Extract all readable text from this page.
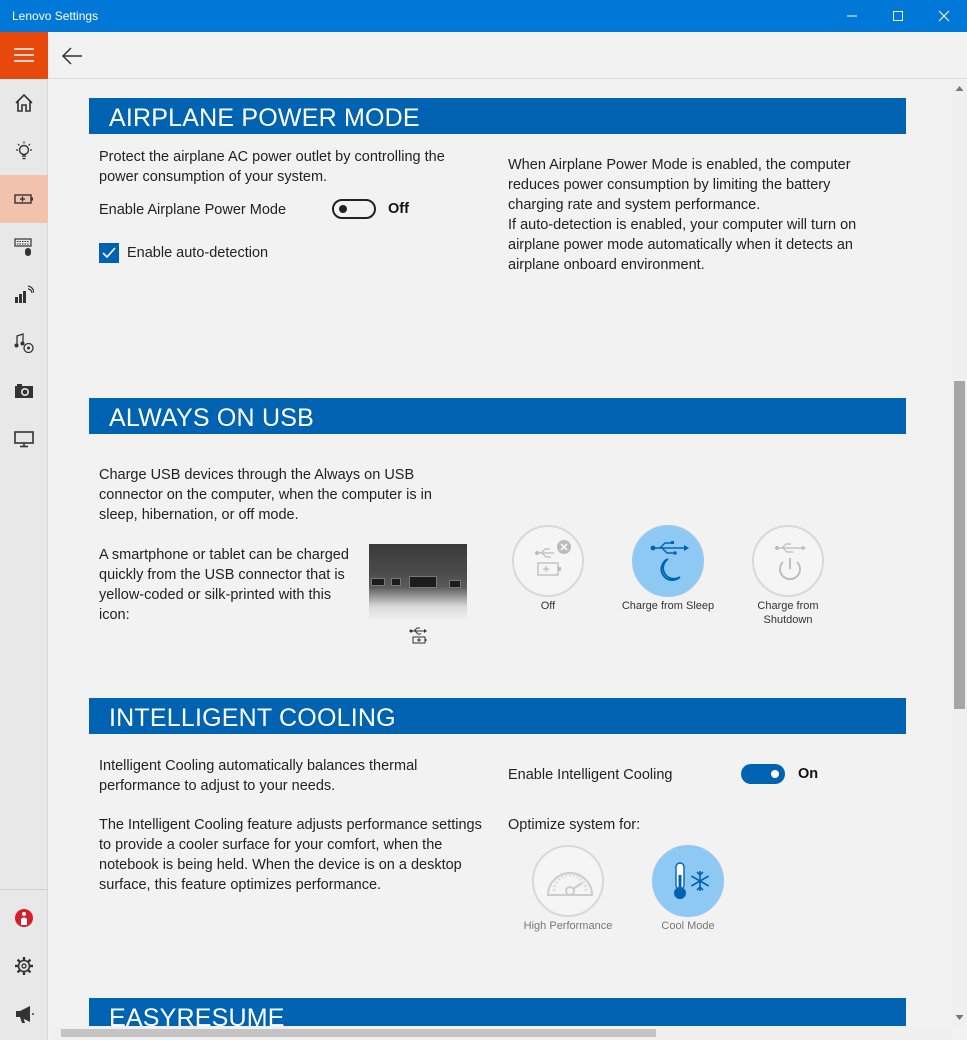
Lenovo Settings
AIRPLANE POWER MODE
Protect the airplane AC power outlet by controlling the
power consumption of your system.
Enable Airplane Power Mode	Off
Enable auto-detection
When Airplane Power Mode is enabled, the computer
reduces power consumption by limiting the battery
charging rate and system performance.
If auto-detection is enabled, your computer will turn on
airplane power mode automatically when it detects an
airplane onboard environment.
ALWAYS ON USB
Charge USB devices through the Always on USB
connector on the computer, when the computer is in
sleep, hibernation, or off mode.
A smartphone or tablet can be charged
quickly from the USB connector that is
yellow-coded or silk-printed with this
icon:
Off	Charge from Sleep	Charge from
Shutdown
INTELLIGENT COOLING
Intelligent Cooling automatically balances thermal
performance to adjust to your needs.
The Intelligent Cooling feature adjusts performance settings
to provide a cooler surface for your comfort, when the
notebook is being held. When the device is on a desktop
surface, this feature optimizes performance.
Enable Intelligent Cooling	On
Optimize system for:
High Performance	Cool Mode
EASYRESUME
